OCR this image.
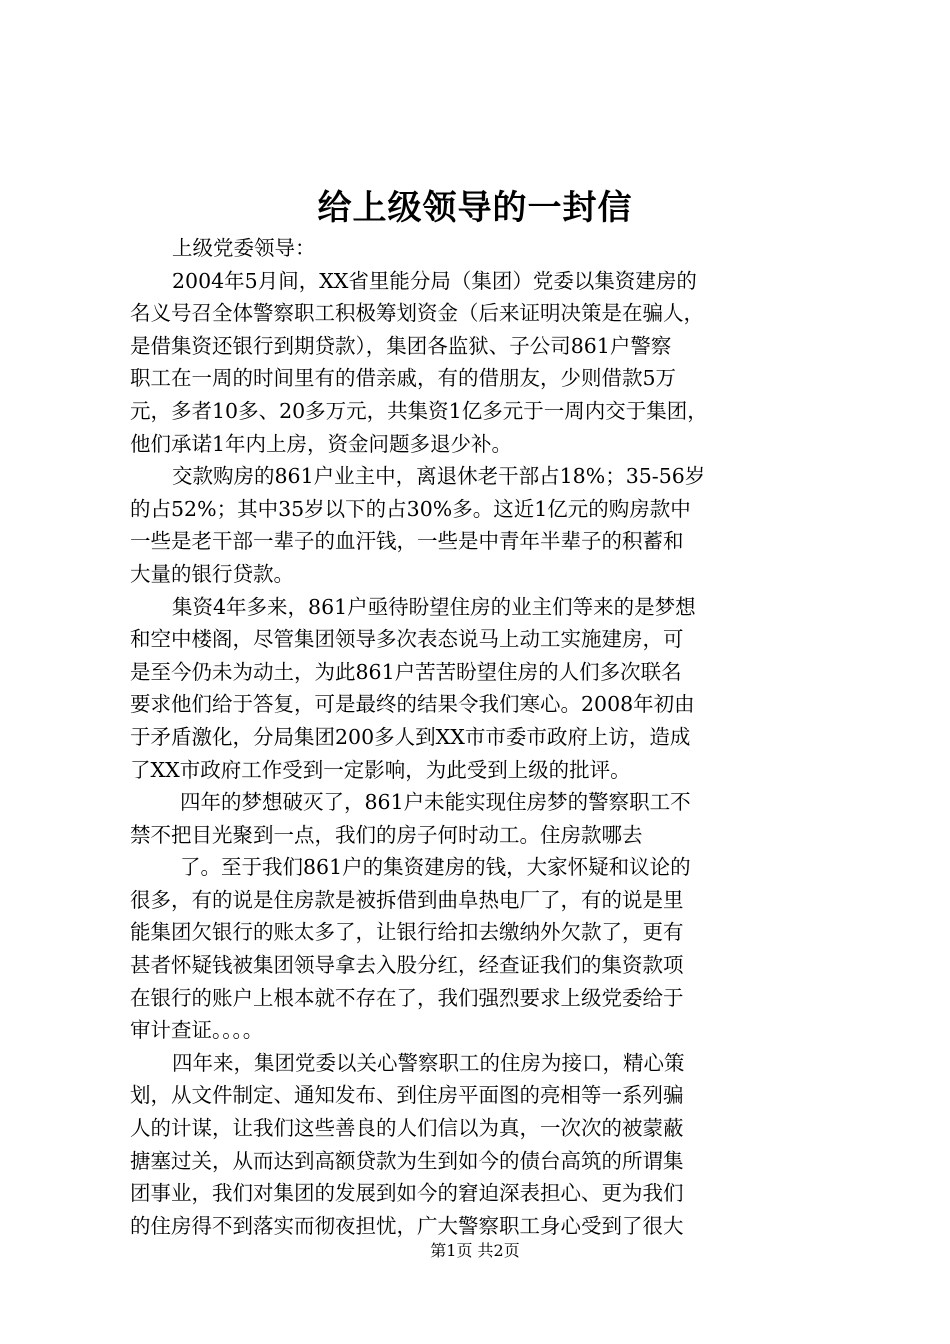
给上级领导的一封信
上级党委领导：
2004年5月间，XX省里能分局（集团）党委以集资建房的
名义号召全体警察职工积极筹划资金（后来证明决策是在骗人，
是借集资还银行到期贷款），集团各监狱、子公司861户警察
职工在一周的时间里有的借亲戚，有的借朋友，少则借款5万
元，多者10多、20多万元，共集资1亿多元于一周内交于集团，
他们承诺1年内上房，资金问题多退少补。
交款购房的861户业主中，离退休老干部占18%；35-56岁
的占52%；其中35岁以下的占30%多。这近1亿元的购房款中
一些是老干部一辈子的血汗钱，一些是中青年半辈子的积蓄和
大量的银行贷款。
集资4年多来，861户亟待盼望住房的业主们等来的是梦想
和空中楼阁，尽管集团领导多次表态说马上动工实施建房，可
是至今仍未为动土，为此861户苦苦盼望住房的人们多次联名
要求他们给于答复，可是最终的结果令我们寒心。2008年初由
于矛盾激化，分局集团200多人到XX市市委市政府上访，造成
了XX市政府工作受到一定影响，为此受到上级的批评。
四年的梦想破灭了，861户未能实现住房梦的警察职工不
禁不把目光聚到一点，我们的房子何时动工。住房款哪去
了。至于我们861户的集资建房的钱，大家怀疑和议论的
很多，有的说是住房款是被拆借到曲阜热电厂了，有的说是里
能集团欠银行的账太多了，让银行给扣去缴纳外欠款了，更有
甚者怀疑钱被集团领导拿去入股分红，经查证我们的集资款项
在银行的账户上根本就不存在了，我们强烈要求上级党委给于
审计查证。。。。
四年来，集团党委以关心警察职工的住房为接口，精心策
划，从文件制定、通知发布、到住房平面图的亮相等一系列骗
人的计谋，让我们这些善良的人们信以为真，一次次的被蒙蔽
搪塞过关，从而达到高额贷款为生到如今的债台高筑的所谓集
团事业，我们对集团的发展到如今的窘迫深表担心、更为我们
的住房得不到落实而彻夜担忧，广大警察职工身心受到了很大
第1页 共2页
